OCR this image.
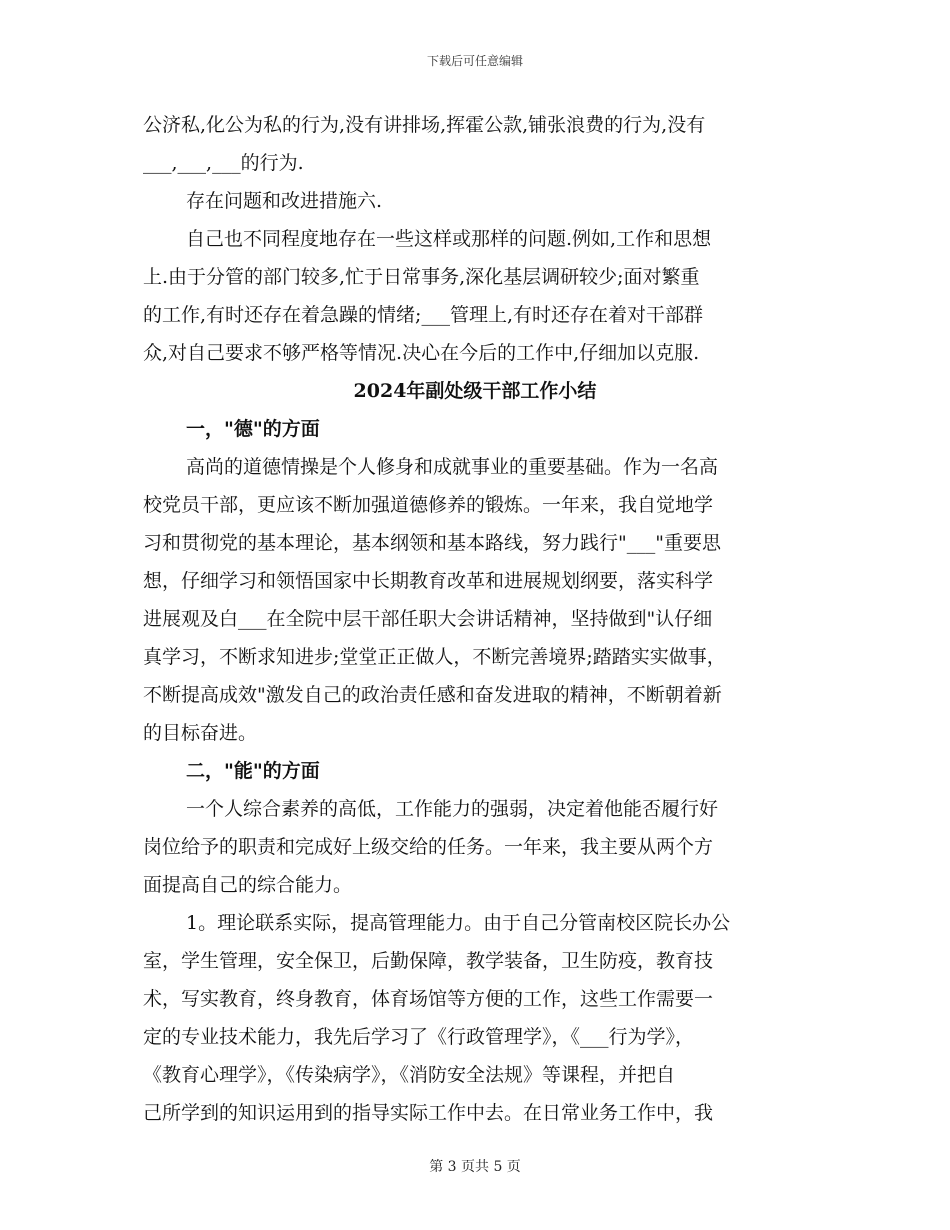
下载后可任意编辑
公济私,化公为私的行为,没有讲排场,挥霍公款,铺张浪费的行为,没有
___,___,___的行为.
存在问题和改进措施六.
自己也不同程度地存在一些这样或那样的问题.例如,工作和思想
上.由于分管的部门较多,忙于日常事务,深化基层调研较少;面对繁重
的工作,有时还存在着急躁的情绪;___管理上,有时还存在着对干部群
众,对自己要求不够严格等情况.决心在今后的工作中,仔细加以克服.
2024年副处级干部工作小结
一，"德"的方面
高尚的道德情操是个人修身和成就事业的重要基础。作为一名高
校党员干部，更应该不断加强道德修养的锻炼。一年来，我自觉地学
习和贯彻党的基本理论，基本纲领和基本路线，努力践行"___"重要思
想，仔细学习和领悟国家中长期教育改革和进展规划纲要，落实科学
进展观及白___在全院中层干部任职大会讲话精神，坚持做到"认仔细
真学习，不断求知进步;堂堂正正做人，不断完善境界;踏踏实实做事，
不断提高成效"激发自己的政治责任感和奋发进取的精神，不断朝着新
的目标奋进。
二，"能"的方面
一个人综合素养的高低，工作能力的强弱，决定着他能否履行好
岗位给予的职责和完成好上级交给的任务。一年来，我主要从两个方
面提高自己的综合能力。
1。理论联系实际，提高管理能力。由于自己分管南校区院长办公
室，学生管理，安全保卫，后勤保障，教学装备，卫生防疫，教育技
术，写实教育，终身教育，体育场馆等方便的工作，这些工作需要一
定的专业技术能力，我先后学习了《行政管理学》，《___行为学》，
《教育心理学》，《传染病学》，《消防安全法规》等课程，并把自
己所学到的知识运用到的指导实际工作中去。在日常业务工作中，我
第 3 页共 5 页
